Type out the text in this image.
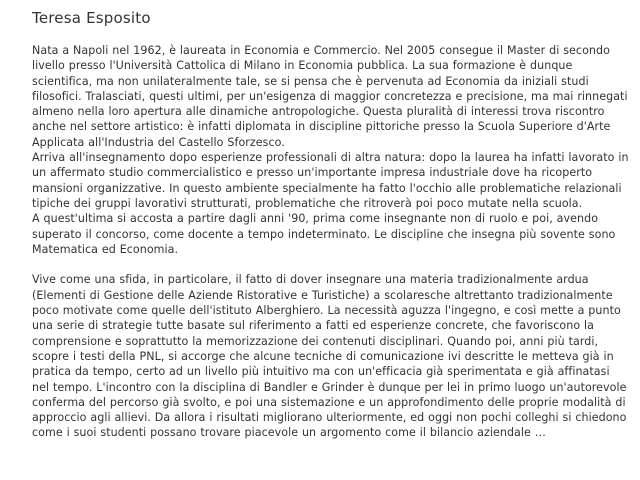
Teresa Esposito

Nata a Napoli nel 1962, è laureata in Economia e Commercio. Nel 2005 consegue il Master di secondo livello presso l'Università Cattolica di Milano in Economia pubblica. La sua formazione è dunque scientifica, ma non unilateralmente tale, se si pensa che è pervenuta ad Economia da iniziali studi filosofici. Tralasciati, questi ultimi, per un'esigenza di maggior concretezza e precisione, ma mai rinnegati almeno nella loro apertura alle dinamiche antropologiche. Questa pluralità di interessi trova riscontro anche nel settore artistico: è infatti diplomata in discipline pittoriche presso la Scuola Superiore d'Arte Applicata all'Industria del Castello Sforzesco.

Arriva all'insegnamento dopo esperienze professionali di altra natura: dopo la laurea ha infatti lavorato in un affermato studio commercialistico e presso un'importante impresa industriale dove ha ricoperto mansioni organizzative. In questo ambiente specialmente ha fatto l'occhio alle problematiche relazionali tipiche dei gruppi lavorativi strutturati, problematiche che ritroverà poi poco mutate nella scuola.

A quest'ultima si accosta a partire dagli anni '90, prima come insegnante non di ruolo e poi, avendo superato il concorso, come docente a tempo indeterminato. Le discipline che insegna più sovente sono Matematica ed Economia.

Vive come una sfida, in particolare, il fatto di dover insegnare una materia tradizionalmente ardua (Elementi di Gestione delle Aziende Ristorative e Turistiche) a scolaresche altrettanto tradizionalmente poco motivate come quelle dell'istituto Alberghiero. La necessità aguzza l'ingegno, e così mette a punto una serie di strategie tutte basate sul riferimento a fatti ed esperienze concrete, che favoriscono la comprensione e soprattutto la memorizzazione dei contenuti disciplinari. Quando poi, anni più tardi, scopre i testi della PNL, si accorge che alcune tecniche di comunicazione ivi descritte le metteva già in pratica da tempo, certo ad un livello più intuitivo ma con un'efficacia già sperimentata e già affinatasi nel tempo. L'incontro con la disciplina di Bandler e Grinder è dunque per lei in primo luogo un'autorevole conferma del percorso già svolto, e poi una sistemazione e un approfondimento delle proprie modalità di approccio agli allievi. Da allora i risultati migliorano ulteriormente, ed oggi non pochi colleghi si chiedono come i suoi studenti possano trovare piacevole un argomento come il bilancio aziendale …
